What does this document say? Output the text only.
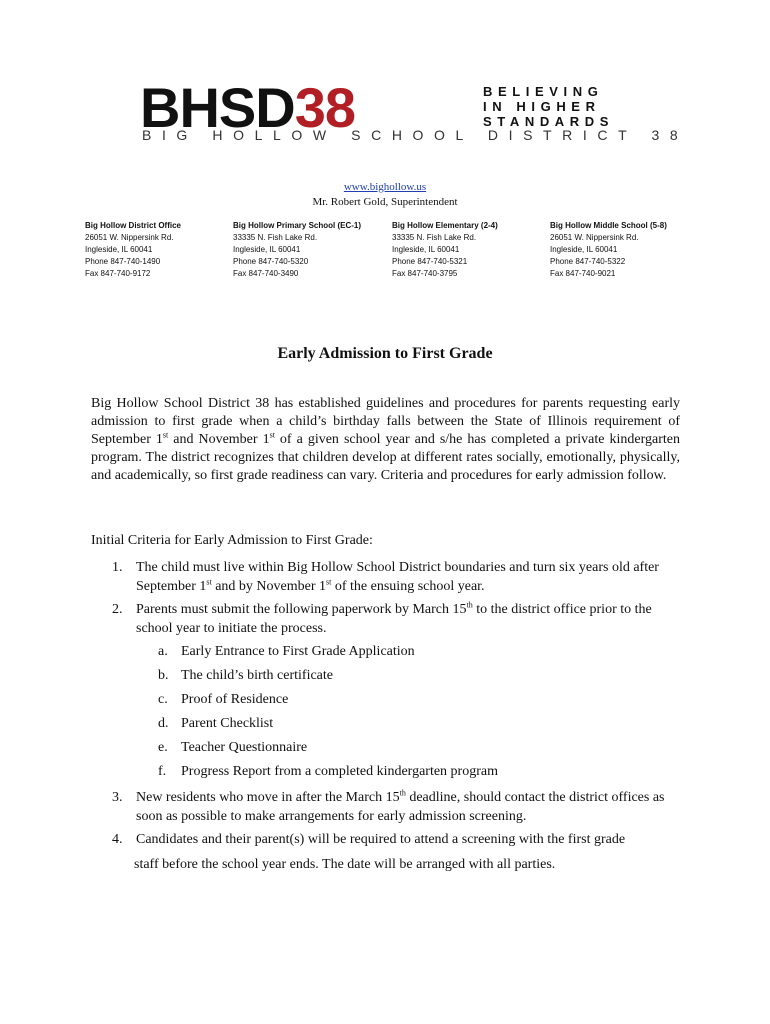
BHSD38	BELIEVING
IN HIGHER
STANDARDS
BIG HOLLOW SCHOOL DISTRICT 38
www.bighollow.us
Mr. Robert Gold, Superintendent
Big Hollow District Office
26051 W. Nippersink Rd.
Ingleside, IL 60041
Phone 847-740-1490
Fax 847-740-9172
Big Hollow Primary School (EC-1)
33335 N. Fish Lake Rd.
Ingleside, IL 60041
Phone 847-740-5320
Fax 847-740-3490
Big Hollow Elementary (2-4)
33335 N. Fish Lake Rd.
Ingleside, IL 60041
Phone 847-740-5321
Fax 847-740-3795
Big Hollow Middle School (5-8)
26051 W. Nippersink Rd.
Ingleside, IL 60041
Phone 847-740-5322
Fax 847-740-9021
Early Admission to First Grade
Big Hollow School District 38 has established guidelines and procedures for parents requesting early admission to first grade when a child’s birthday falls between the State of Illinois requirement of September 1st and November 1st of a given school year and s/he has completed a private kindergarten program. The district recognizes that children develop at different rates socially, emotionally, physically, and academically, so first grade readiness can vary. Criteria and procedures for early admission follow.
Initial Criteria for Early Admission to First Grade:
1. The child must live within Big Hollow School District boundaries and turn six years old after September 1st and by November 1st of the ensuing school year.
2. Parents must submit the following paperwork by March 15th to the district office prior to the school year to initiate the process.
a. Early Entrance to First Grade Application
b. The child’s birth certificate
c. Proof of Residence
d. Parent Checklist
e. Teacher Questionnaire
f. Progress Report from a completed kindergarten program
3. New residents who move in after the March 15th deadline, should contact the district offices as soon as possible to make arrangements for early admission screening.
4. Candidates and their parent(s) will be required to attend a screening with the first grade
staff before the school year ends. The date will be arranged with all parties.
